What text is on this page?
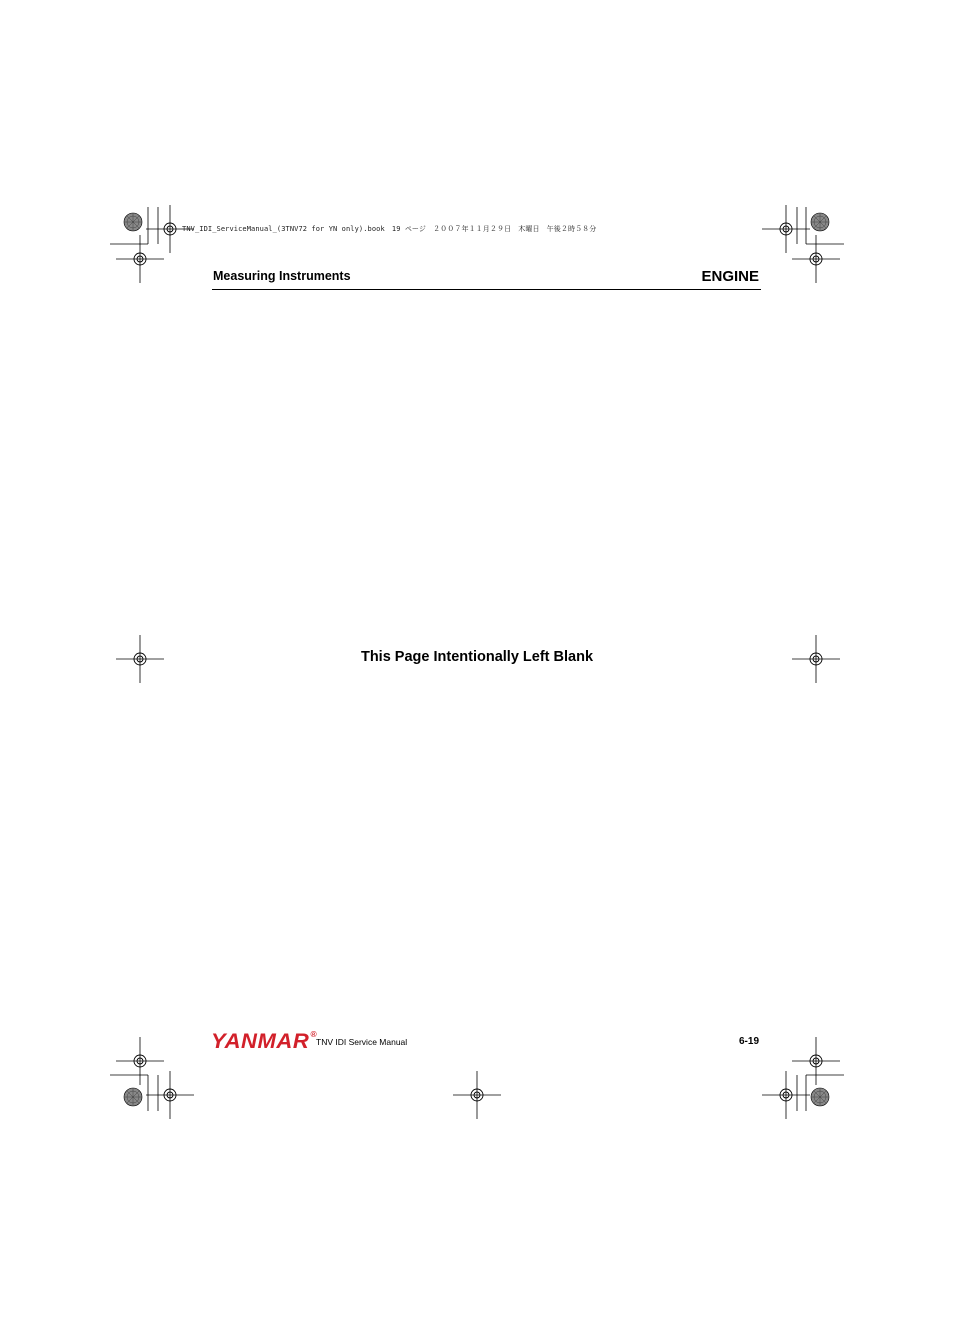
TNV_IDI_ServiceManual_(3TNV72 for YN only).book　19 ページ　２００７年１１月２９日　木曜日　午後２時５８分
Measuring Instruments	ENGINE
This Page Intentionally Left Blank
YANMAR®
TNV IDI Service Manual	6-19
